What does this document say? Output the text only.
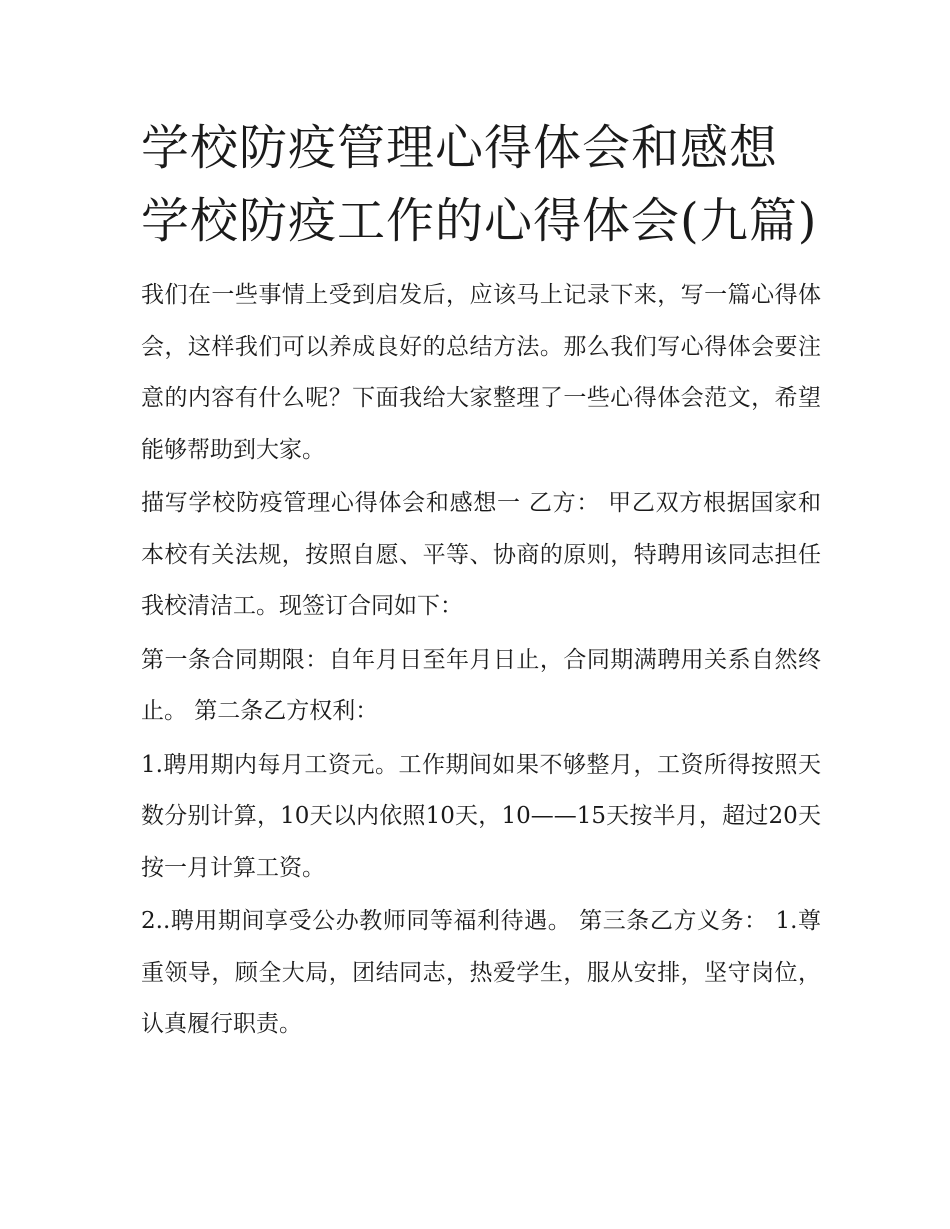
学校防疫管理心得体会和感想学校防疫工作的心得体会(九篇)

我们在一些事情上受到启发后，应该马上记录下来，写一篇心得体会，这样我们可以养成良好的总结方法。那么我们写心得体会要注意的内容有什么呢？下面我给大家整理了一些心得体会范文，希望能够帮助到大家。

描写学校防疫管理心得体会和感想一 乙方： 甲乙双方根据国家和本校有关法规，按照自愿、平等、协商的原则，特聘用该同志担任我校清洁工。现签订合同如下：

第一条合同期限：自年月日至年月日止，合同期满聘用关系自然终止。 第二条乙方权利：

1.聘用期内每月工资元。工作期间如果不够整月，工资所得按照天数分别计算，10天以内依照10天，10——15天按半月，超过20天按一月计算工资。

2..聘用期间享受公办教师同等福利待遇。 第三条乙方义务： 1.尊重领导，顾全大局，团结同志，热爱学生，服从安排，坚守岗位，认真履行职责。
